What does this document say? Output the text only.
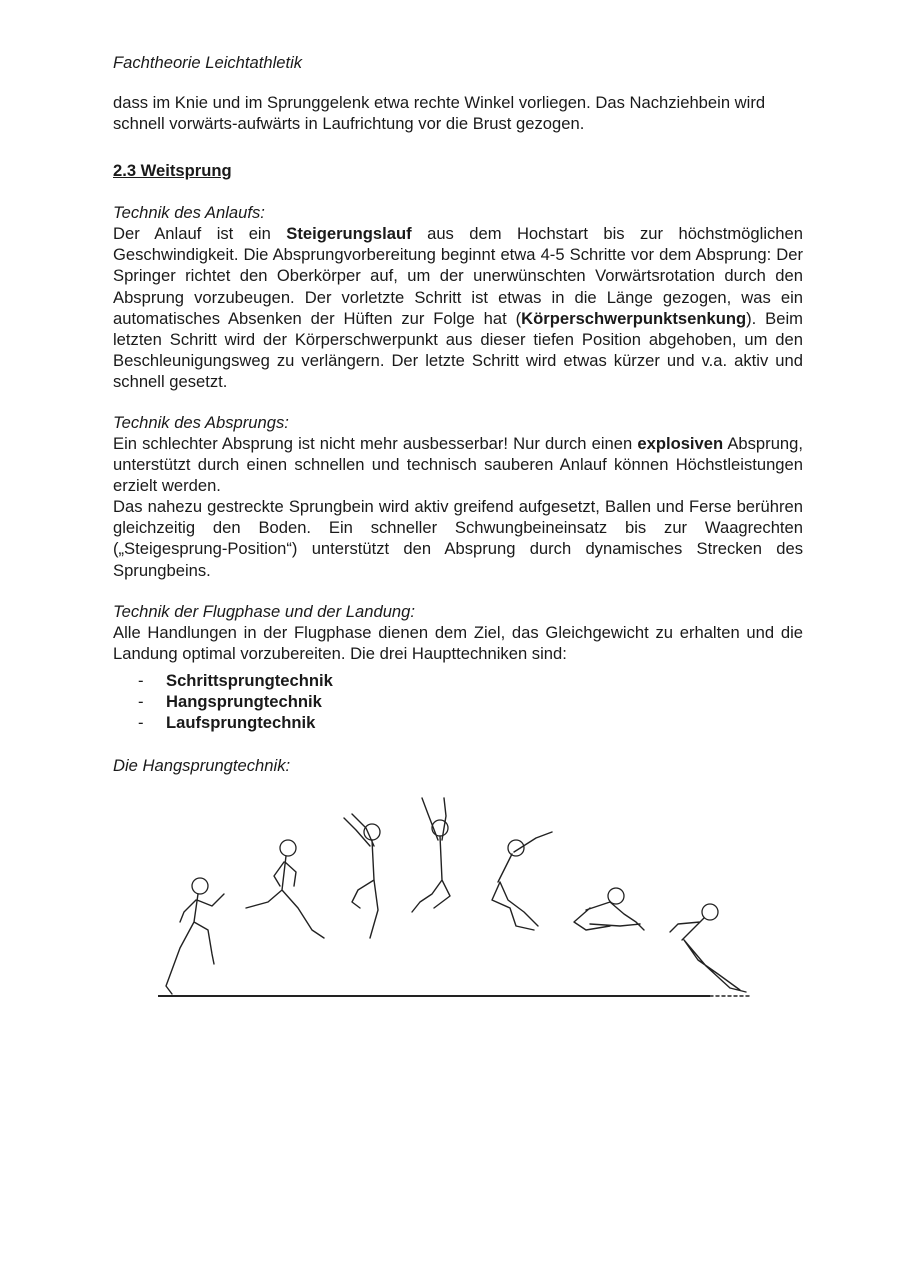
Fachtheorie Leichtathletik

dass im Knie und im Sprunggelenk etwa rechte Winkel vorliegen. Das Nachziehbein wird schnell vorwärts-aufwärts in Laufrichtung vor die Brust gezogen.

2.3 Weitsprung

Technik des Anlaufs:

Der Anlauf ist ein Steigerungslauf aus dem Hochstart bis zur höchstmöglichen Geschwindigkeit. Die Absprungvorbereitung beginnt etwa 4-5 Schritte vor dem Absprung: Der Springer richtet den Oberkörper auf, um der unerwünschten Vorwärtsrotation durch den Absprung vorzubeugen. Der vorletzte Schritt ist etwas in die Länge gezogen, was ein automatisches Absenken der Hüften zur Folge hat (Körperschwerpunktsenkung). Beim letzten Schritt wird der Körperschwerpunkt aus dieser tiefen Position abgehoben, um den Beschleunigungsweg zu verlängern. Der letzte Schritt wird etwas kürzer und v.a. aktiv und schnell gesetzt.

Technik des Absprungs:

Ein schlechter Absprung ist nicht mehr ausbesserbar! Nur durch einen explosiven Absprung, unterstützt durch einen schnellen und technisch sauberen Anlauf können Höchstleistungen erzielt werden.

Das nahezu gestreckte Sprungbein wird aktiv greifend aufgesetzt, Ballen und Ferse berühren gleichzeitig den Boden. Ein schneller Schwungbeineinsatz bis zur Waagrechten („Steigesprung-Position“) unterstützt den Absprung durch dynamisches Strecken des Sprungbeins.

Technik der Flugphase und der Landung:

Alle Handlungen in der Flugphase dienen dem Ziel, das Gleichgewicht zu erhalten und die Landung optimal vorzubereiten. Die drei Haupttechniken sind:

- Schrittsprungtechnik
- Hangsprungtechnik
- Laufsprungtechnik

Die Hangsprungtechnik:
